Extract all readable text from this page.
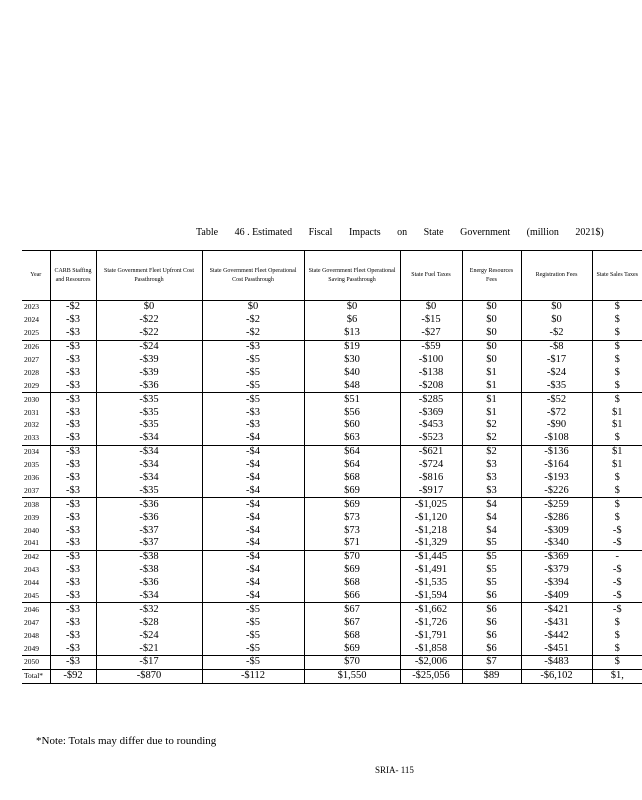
Table 46 . Estimated Fiscal Impacts on State Government (million 2021$)
Year	CARB Staffing and Resources	State Government Fleet Upfront Cost Passthrough	State Government Fleet Operational Cost Passthrough	State Government Fleet Operational Saving Passthrough	State Fuel Taxes	Energy Resources Fees	Registration Fees	State Sales Taxes
2023	-$2	$0	$0	$0	$0	$0	$0	$
2024	-$3	-$22	-$2	$6	-$15	$0	$0	$
2025	-$3	-$22	-$2	$13	-$27	$0	-$2	$
2026	-$3	-$24	-$3	$19	-$59	$0	-$8	$
2027	-$3	-$39	-$5	$30	-$100	$0	-$17	$
2028	-$3	-$39	-$5	$40	-$138	$1	-$24	$
2029	-$3	-$36	-$5	$48	-$208	$1	-$35	$
2030	-$3	-$35	-$5	$51	-$285	$1	-$52	$
2031	-$3	-$35	-$3	$56	-$369	$1	-$72	$1
2032	-$3	-$35	-$3	$60	-$453	$2	-$90	$1
2033	-$3	-$34	-$4	$63	-$523	$2	-$108	$
2034	-$3	-$34	-$4	$64	-$621	$2	-$136	$1
2035	-$3	-$34	-$4	$64	-$724	$3	-$164	$1
2036	-$3	-$34	-$4	$68	-$816	$3	-$193	$
2037	-$3	-$35	-$4	$69	-$917	$3	-$226	$
2038	-$3	-$36	-$4	$69	-$1,025	$4	-$259	$
2039	-$3	-$36	-$4	$73	-$1,120	$4	-$286	$
2040	-$3	-$37	-$4	$73	-$1,218	$4	-$309	-$
2041	-$3	-$37	-$4	$71	-$1,329	$5	-$340	-$
2042	-$3	-$38	-$4	$70	-$1,445	$5	-$369	-
2043	-$3	-$38	-$4	$69	-$1,491	$5	-$379	-$
2044	-$3	-$36	-$4	$68	-$1,535	$5	-$394	-$
2045	-$3	-$34	-$4	$66	-$1,594	$6	-$409	-$
2046	-$3	-$32	-$5	$67	-$1,662	$6	-$421	-$
2047	-$3	-$28	-$5	$67	-$1,726	$6	-$431	$
2048	-$3	-$24	-$5	$68	-$1,791	$6	-$442	$
2049	-$3	-$21	-$5	$69	-$1,858	$6	-$451	$
2050	-$3	-$17	-$5	$70	-$2,006	$7	-$483	$
Total*	-$92	-$870	-$112	$1,550	-$25,056	$89	-$6,102	$1,
*Note: Totals may differ due to rounding
SRIA- 115
